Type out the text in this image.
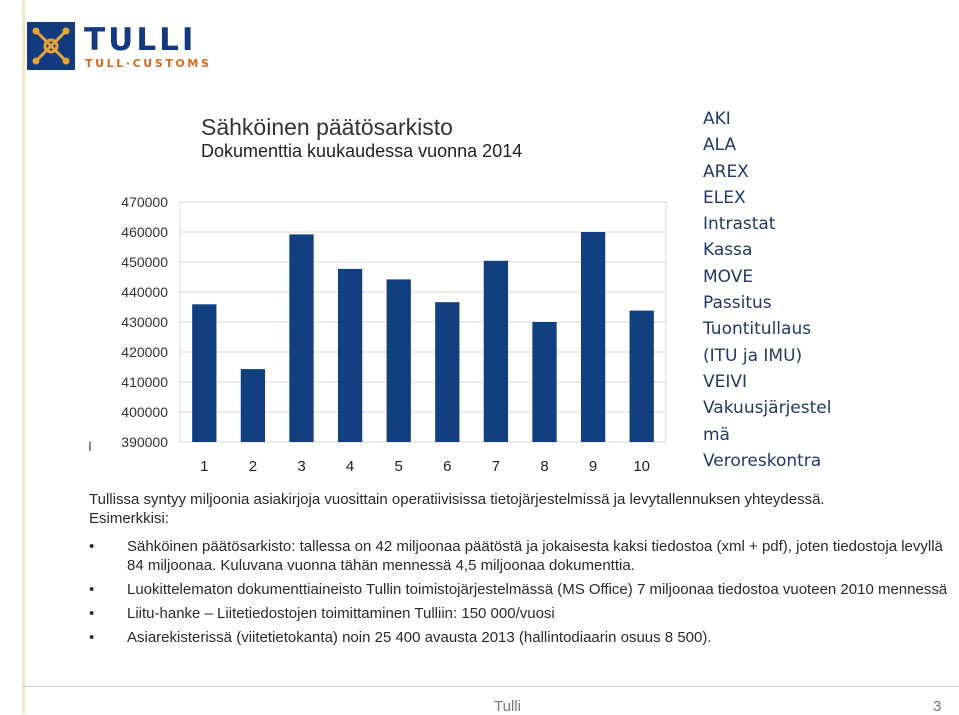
TULLI
TULL·CUSTOMS
Sähköinen päätösarkisto
Dokumenttia kuukaudessa vuonna 2014
470000
460000
450000
440000
430000
420000
410000
400000
390000
1	2	3	4	5	6	7	8	9 10
I
AKI
ALA
AREX
ELEX
Intrastat
Kassa
MOVE
Passitus
Tuontitullaus
(ITU ja IMU)
VEIVI
Vakuusjärjestel
mä
Veroreskontra

Tullissa syntyy miljoonia asiakirjoja vuosittain operatiivisissa tietojärjestelmissä ja levytallennuksen yhteydessä.

Esimerkkisi:

• Sähköinen päätösarkisto: tallessa on 42 miljoonaa päätöstä ja jokaisesta kaksi tiedostoa (xml + pdf), joten tiedostoja levyllä 84 miljoonaa. Kuluvana vuonna tähän mennessä 4,5 miljoonaa dokumenttia.
• Luokittelematon dokumenttiaineisto Tullin toimistojärjestelmässä (MS Office) 7 miljoonaa tiedostoa vuoteen 2010 mennessä
• Liitu-hanke – Liitetiedostojen toimittaminen Tulliin: 150 000/vuosi
• Asiarekisterissä (viitetietokanta) noin 25 400 avausta 2013 (hallintodiaarin osuus 8 500).
Tulli	3
